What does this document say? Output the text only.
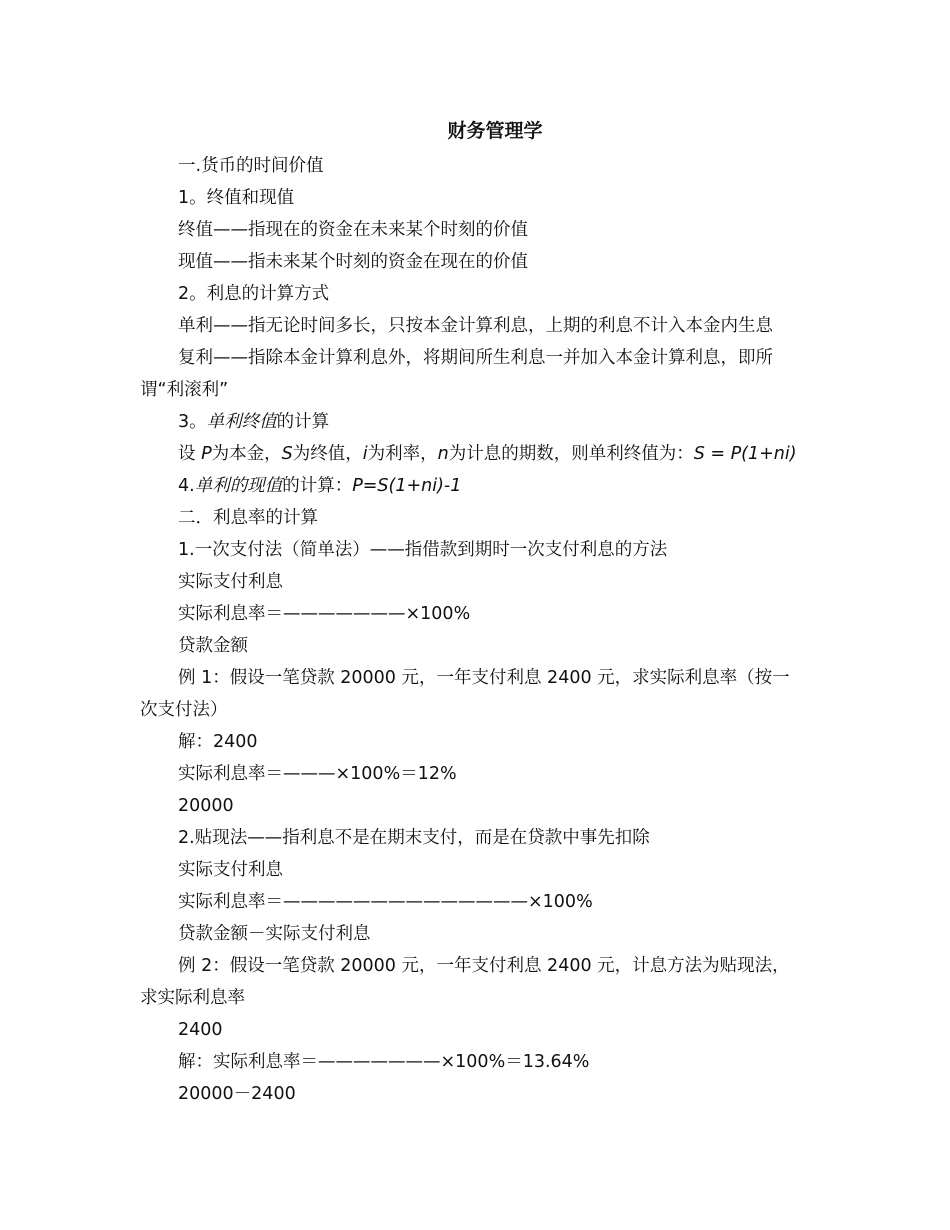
财务管理学
一.货币的时间价值
1。终值和现值
终值——指现在的资金在未来某个时刻的价值
现值——指未来某个时刻的资金在现在的价值
2。利息的计算方式
单利——指无论时间多长，只按本金计算利息，上期的利息不计入本金内生息
复利——指除本金计算利息外，将期间所生利息一并加入本金计算利息，即所
谓“利滚利”
3。单利终值的计算
设 P为本金，S为终值，i为利率，n为计息的期数，则单利终值为：S = P(1+ni)
4.单利的现值的计算：P=S(1+ni)-1
二．利息率的计算
1.一次支付法（简单法）——指借款到期时一次支付利息的方法
实际支付利息
实际利息率＝———————×100%
贷款金额
例 1：假设一笔贷款 20000 元，一年支付利息 2400 元，求实际利息率（按一
次支付法）
解：2400
实际利息率＝———×100%＝12%
20000
2.贴现法——指利息不是在期末支付，而是在贷款中事先扣除
实际支付利息
实际利息率＝——————————————×100%
贷款金额－实际支付利息
例 2：假设一笔贷款 20000 元，一年支付利息 2400 元，计息方法为贴现法，
求实际利息率
2400
解：实际利息率＝———————×100%＝13.64%
20000－2400
